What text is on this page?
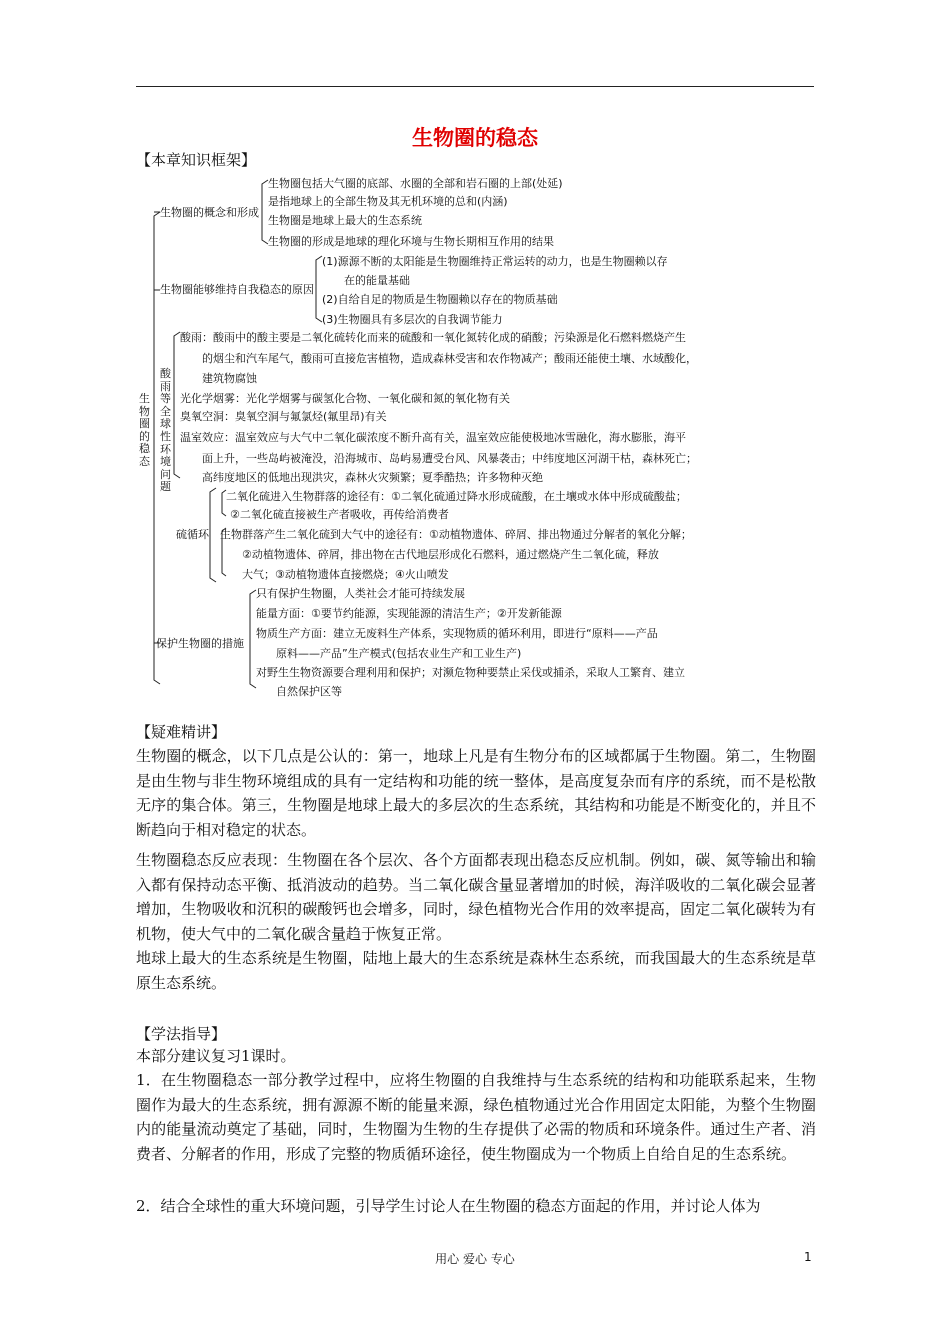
生物圈的稳态
【本章知识框架】
生物圈的稳态
酸雨等全球性环境问题
生物圈的概念和形成
生物圈包括大气圈的底部、水圈的全部和岩石圈的上部(处延)
是指地球上的全部生物及其无机环境的总和(内涵)
生物圈是地球上最大的生态系统
生物圈的形成是地球的理化环境与生物长期相互作用的结果
生物圈能够维持自我稳态的原因
(1)源源不断的太阳能是生物圈维持正常运转的动力，也是生物圈赖以存
在的能量基础
(2)自给自足的物质是生物圈赖以存在的物质基础
(3)生物圈具有多层次的自我调节能力
酸雨：酸雨中的酸主要是二氧化硫转化而来的硫酸和一氧化氮转化成的硝酸；污染源是化石燃料燃烧产生
的烟尘和汽车尾气，酸雨可直接危害植物，造成森林受害和农作物减产；酸雨还能使土壤、水域酸化，
建筑物腐蚀
光化学烟雾：光化学烟雾与碳氢化合物、一氧化碳和氮的氧化物有关
臭氧空洞：臭氧空洞与氟氯烃(氟里昂)有关
温室效应：温室效应与大气中二氧化碳浓度不断升高有关，温室效应能使极地冰雪融化，海水膨胀，海平
面上升，一些岛屿被淹没，沿海城市、岛屿易遭受台风、风暴袭击；中纬度地区河湖干枯，森林死亡；
高纬度地区的低地出现洪灾，森林火灾频繁；夏季酷热；许多物种灭绝
硫循环
二氧化硫进入生物群落的途径有：①二氧化硫通过降水形成硫酸，在土壤或水体中形成硫酸盐；
②二氧化硫直接被生产者吸收，再传给消费者
生物群落产生二氧化硫到大气中的途径有：①动植物遗体、碎屑、排出物通过分解者的氧化分解；
②动植物遗体、碎屑，排出物在古代地层形成化石燃料，通过燃烧产生二氧化硫，释放
大气；③动植物遗体直接燃烧；④火山喷发
保护生物圈的措施
只有保护生物圈，人类社会才能可持续发展
能量方面：①要节约能源，实现能源的清洁生产；②开发新能源
物质生产方面：建立无废料生产体系，实现物质的循环利用，即进行“原料——产品
原料——产品”生产模式(包括农业生产和工业生产)
对野生生物资源要合理利用和保护；对濒危物种要禁止采伐或捕杀，采取人工繁育、建立
自然保护区等
【疑难精讲】
生物圈的概念，以下几点是公认的：第一，地球上凡是有生物分布的区域都属于生物圈。第二，生物圈是由生物与非生物环境组成的具有一定结构和功能的统一整体，是高度复杂而有序的系统，而不是松散无序的集合体。第三，生物圈是地球上最大的多层次的生态系统，其结构和功能是不断变化的，并且不断趋向于相对稳定的状态。
生物圈稳态反应表现：生物圈在各个层次、各个方面都表现出稳态反应机制。例如，碳、氮等输出和输入都有保持动态平衡、抵消波动的趋势。当二氧化碳含量显著增加的时候，海洋吸收的二氧化碳会显著增加，生物吸收和沉积的碳酸钙也会增多，同时，绿色植物光合作用的效率提高，固定二氧化碳转为有机物，使大气中的二氧化碳含量趋于恢复正常。
地球上最大的生态系统是生物圈，陆地上最大的生态系统是森林生态系统，而我国最大的生态系统是草原生态系统。
【学法指导】
本部分建议复习1课时。
1．在生物圈稳态一部分教学过程中，应将生物圈的自我维持与生态系统的结构和功能联系起来，生物圈作为最大的生态系统，拥有源源不断的能量来源，绿色植物通过光合作用固定太阳能，为整个生物圈内的能量流动奠定了基础，同时，生物圈为生物的生存提供了必需的物质和环境条件。通过生产者、消费者、分解者的作用，形成了完整的物质循环途径，使生物圈成为一个物质上自给自足的生态系统。
2．结合全球性的重大环境问题，引导学生讨论人在生物圈的稳态方面起的作用，并讨论人体为
用心 爱心 专心	1
